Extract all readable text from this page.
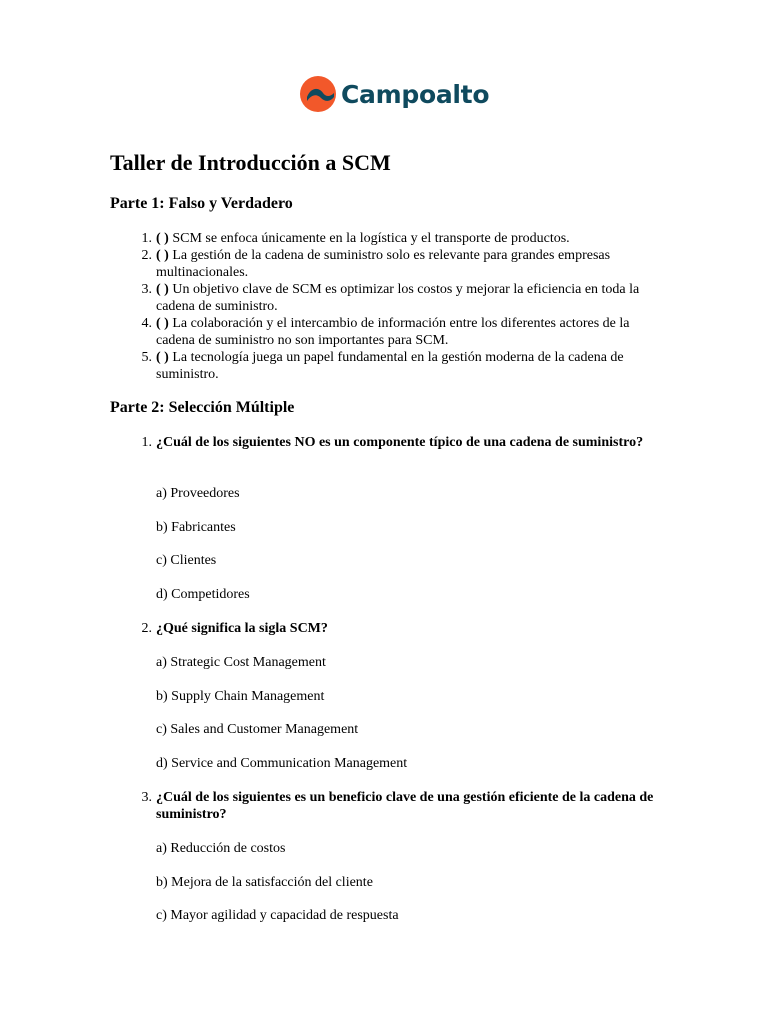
Campoalto
Taller de Introducción a SCM
Parte 1: Falso y Verdadero
1. ( ) SCM se enfoca únicamente en la logística y el transporte de productos.
2. ( ) La gestión de la cadena de suministro solo es relevante para grandes empresas multinacionales.
3. ( ) Un objetivo clave de SCM es optimizar los costos y mejorar la eficiencia en toda la cadena de suministro.
4. ( ) La colaboración y el intercambio de información entre los diferentes actores de la cadena de suministro no son importantes para SCM.
5. ( ) La tecnología juega un papel fundamental en la gestión moderna de la cadena de suministro.
Parte 2: Selección Múltiple
1. ¿Cuál de los siguientes NO es un componente típico de una cadena de suministro?
a) Proveedores
b) Fabricantes
c) Clientes
d) Competidores
2. ¿Qué significa la sigla SCM?
a) Strategic Cost Management
b) Supply Chain Management
c) Sales and Customer Management
d) Service and Communication Management
3. ¿Cuál de los siguientes es un beneficio clave de una gestión eficiente de la cadena de suministro?
a) Reducción de costos
b) Mejora de la satisfacción del cliente
c) Mayor agilidad y capacidad de respuesta
